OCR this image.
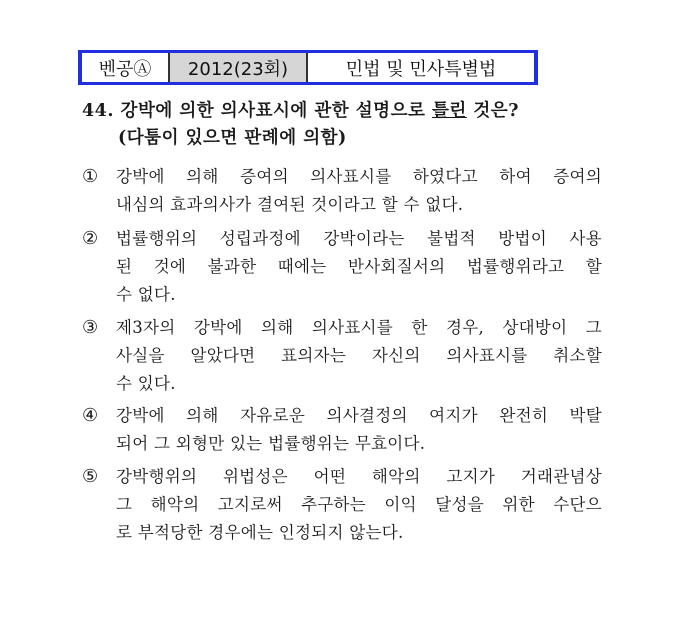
벤공Ⓐ	2012(23회)	민법 및 민사특별법
44. 강박에 의한 의사표시에 관한 설명으로 틀린 것은?
(다툼이 있으면 판례에 의함)
①	강박에 의해 증여의 의사표시를 하였다고 하여 증여의
내심의 효과의사가 결여된 것이라고 할 수 없다.
②	법률행위의 성립과정에 강박이라는 불법적 방법이 사용
된 것에 불과한 때에는 반사회질서의 법률행위라고 할
수 없다.
③	제3자의 강박에 의해 의사표시를 한 경우, 상대방이 그
사실을 알았다면 표의자는 자신의 의사표시를 취소할
수 있다.
④	강박에 의해 자유로운 의사결정의 여지가 완전히 박탈
되어 그 외형만 있는 법률행위는 무효이다.
⑤	강박행위의 위법성은 어떤 해악의 고지가 거래관념상
그 해악의 고지로써 추구하는 이익 달성을 위한 수단으
로 부적당한 경우에는 인정되지 않는다.
